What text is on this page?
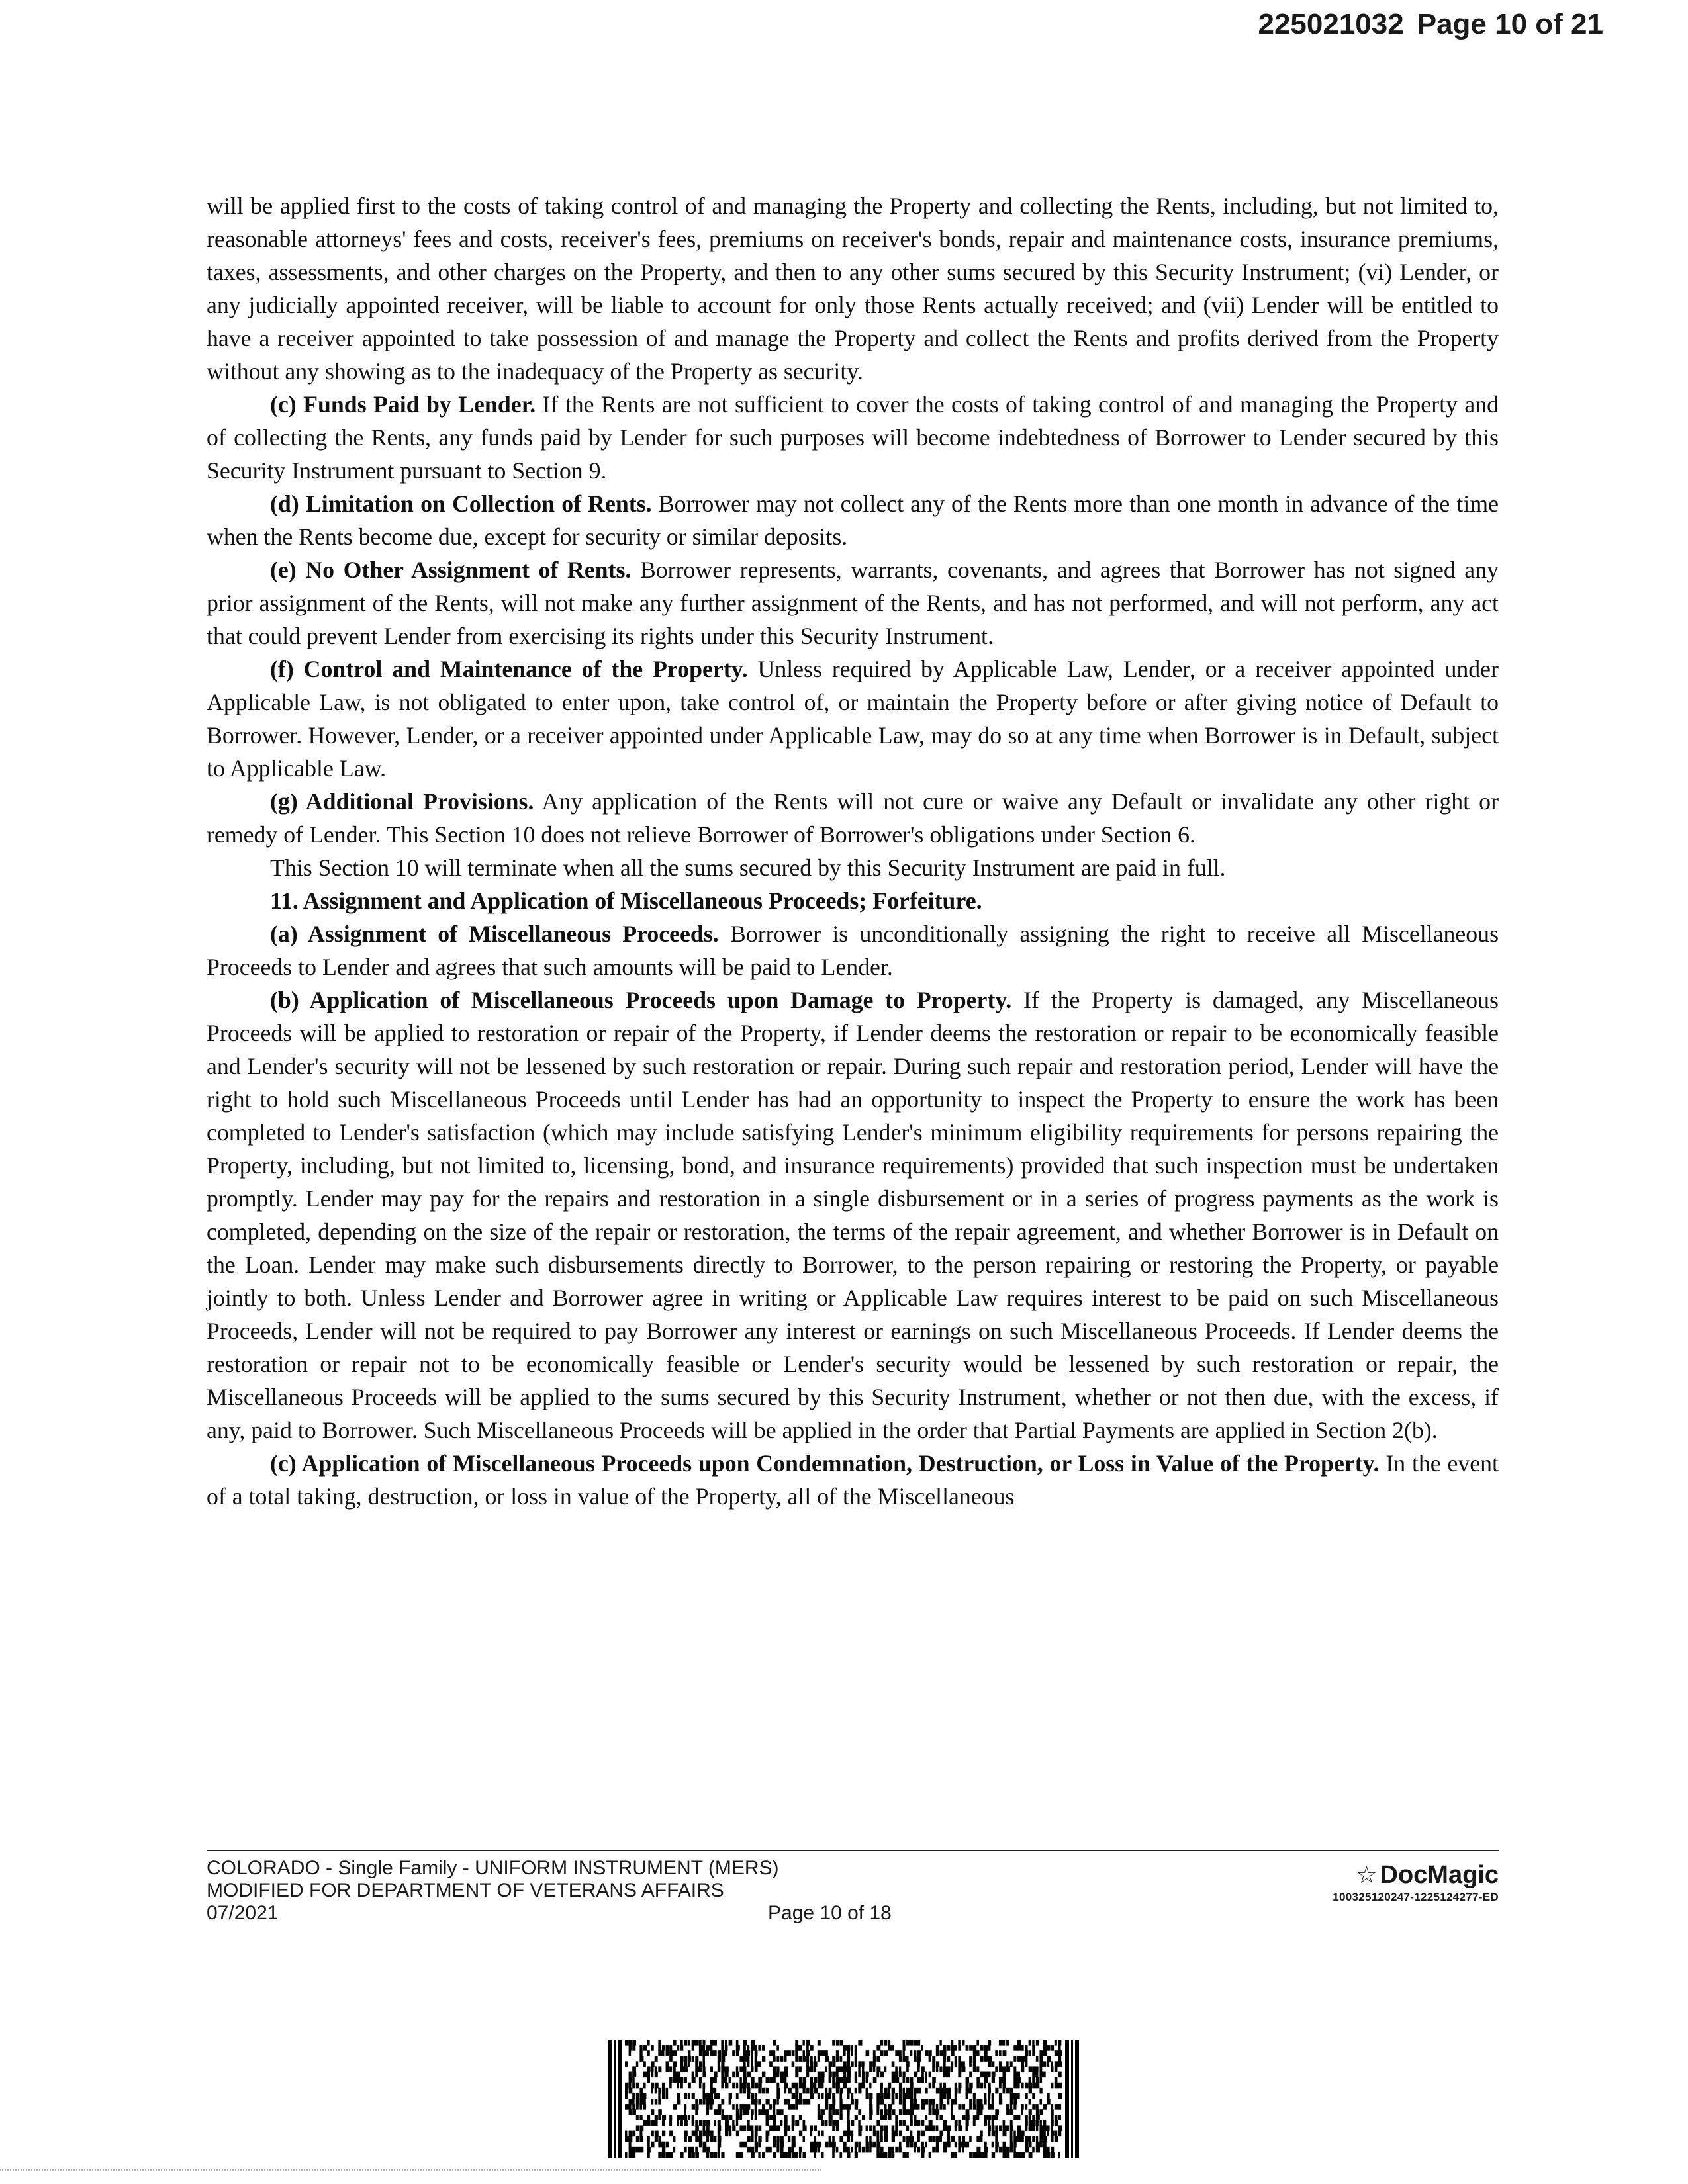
225021032 Page 10 of 21

will be applied first to the costs of taking control of and managing the Property and collecting the Rents, including, but not limited to, reasonable attorneys' fees and costs, receiver's fees, premiums on receiver's bonds, repair and maintenance costs, insurance premiums, taxes, assessments, and other charges on the Property, and then to any other sums secured by this Security Instrument; (vi) Lender, or any judicially appointed receiver, will be liable to account for only those Rents actually received; and (vii) Lender will be entitled to have a receiver appointed to take possession of and manage the Property and collect the Rents and profits derived from the Property without any showing as to the inadequacy of the Property as security.

(c) Funds Paid by Lender. If the Rents are not sufficient to cover the costs of taking control of and managing the Property and of collecting the Rents, any funds paid by Lender for such purposes will become indebtedness of Borrower to Lender secured by this Security Instrument pursuant to Section 9.

(d) Limitation on Collection of Rents. Borrower may not collect any of the Rents more than one month in advance of the time when the Rents become due, except for security or similar deposits.

(e) No Other Assignment of Rents. Borrower represents, warrants, covenants, and agrees that Borrower has not signed any prior assignment of the Rents, will not make any further assignment of the Rents, and has not performed, and will not perform, any act that could prevent Lender from exercising its rights under this Security Instrument.

(f) Control and Maintenance of the Property. Unless required by Applicable Law, Lender, or a receiver appointed under Applicable Law, is not obligated to enter upon, take control of, or maintain the Property before or after giving notice of Default to Borrower. However, Lender, or a receiver appointed under Applicable Law, may do so at any time when Borrower is in Default, subject to Applicable Law.

(g) Additional Provisions. Any application of the Rents will not cure or waive any Default or invalidate any other right or remedy of Lender. This Section 10 does not relieve Borrower of Borrower's obligations under Section 6.

This Section 10 will terminate when all the sums secured by this Security Instrument are paid in full.

11. Assignment and Application of Miscellaneous Proceeds; Forfeiture.

(a) Assignment of Miscellaneous Proceeds. Borrower is unconditionally assigning the right to receive all Miscellaneous Proceeds to Lender and agrees that such amounts will be paid to Lender.

(b) Application of Miscellaneous Proceeds upon Damage to Property. If the Property is damaged, any Miscellaneous Proceeds will be applied to restoration or repair of the Property, if Lender deems the restoration or repair to be economically feasible and Lender's security will not be lessened by such restoration or repair. During such repair and restoration period, Lender will have the right to hold such Miscellaneous Proceeds until Lender has had an opportunity to inspect the Property to ensure the work has been completed to Lender's satisfaction (which may include satisfying Lender's minimum eligibility requirements for persons repairing the Property, including, but not limited to, licensing, bond, and insurance requirements) provided that such inspection must be undertaken promptly. Lender may pay for the repairs and restoration in a single disbursement or in a series of progress payments as the work is completed, depending on the size of the repair or restoration, the terms of the repair agreement, and whether Borrower is in Default on the Loan. Lender may make such disbursements directly to Borrower, to the person repairing or restoring the Property, or payable jointly to both. Unless Lender and Borrower agree in writing or Applicable Law requires interest to be paid on such Miscellaneous Proceeds, Lender will not be required to pay Borrower any interest or earnings on such Miscellaneous Proceeds. If Lender deems the restoration or repair not to be economically feasible or Lender's security would be lessened by such restoration or repair, the Miscellaneous Proceeds will be applied to the sums secured by this Security Instrument, whether or not then due, with the excess, if any, paid to Borrower. Such Miscellaneous Proceeds will be applied in the order that Partial Payments are applied in Section 2(b).

(c) Application of Miscellaneous Proceeds upon Condemnation, Destruction, or Loss in Value of the Property. In the event of a total taking, destruction, or loss in value of the Property, all of the Miscellaneous

COLORADO - Single Family - UNIFORM INSTRUMENT (MERS)
MODIFIED FOR DEPARTMENT OF VETERANS AFFAIRS
07/2021	Page 10 of 18
☆ DocMagic
100325120247-1225124277-ED
